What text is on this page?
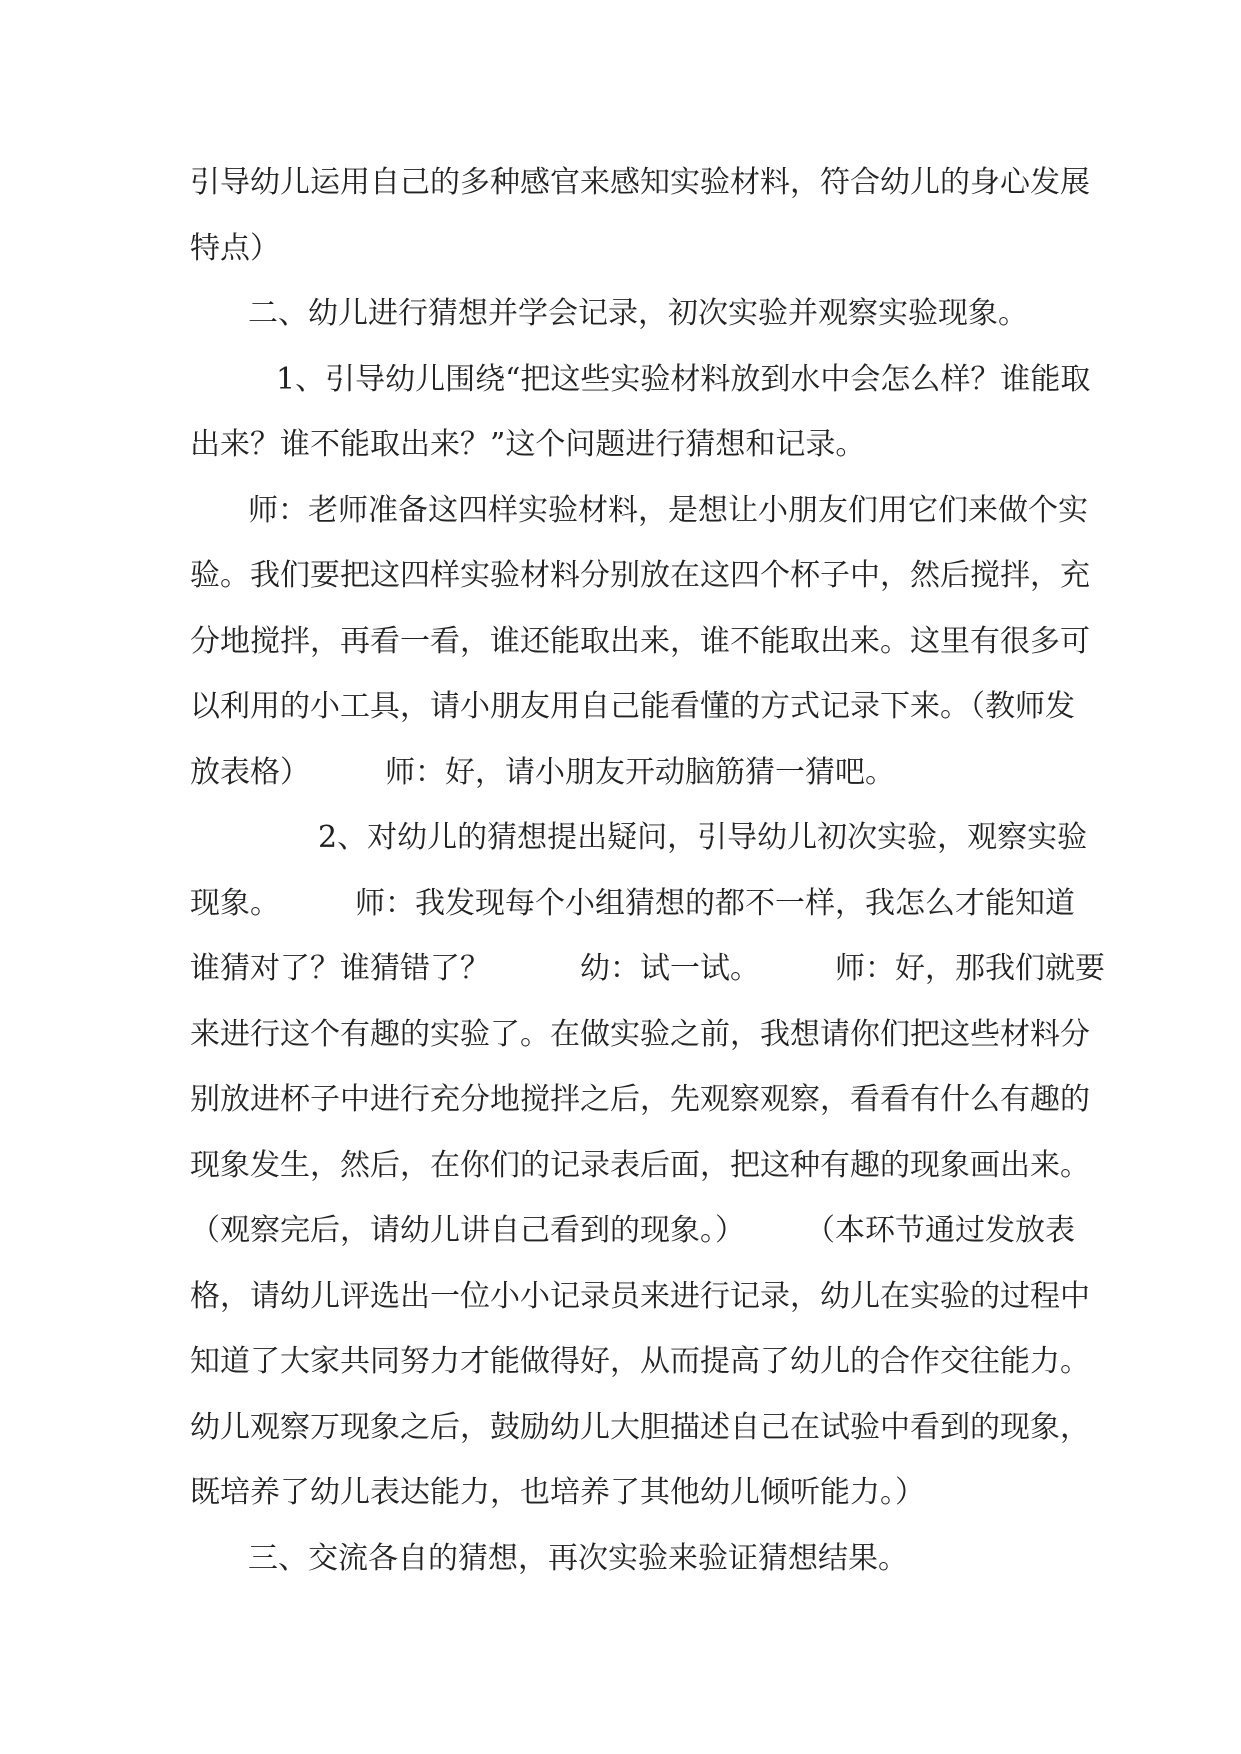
引导幼儿运用自己的多种感官来感知实验材料，符合幼儿的身心发展
特点）
二、幼儿进行猜想并学会记录，初次实验并观察实验现象。
1、引导幼儿围绕“把这些实验材料放到水中会怎么样？谁能取
出来？谁不能取出来？”这个问题进行猜想和记录。
师：老师准备这四样实验材料，是想让小朋友们用它们来做个实
验。我们要把这四样实验材料分别放在这四个杯子中，然后搅拌，充
分地搅拌，再看一看，谁还能取出来，谁不能取出来。这里有很多可
以利用的小工具，请小朋友用自己能看懂的方式记录下来。（教师发
放表格）　　　师：好，请小朋友开动脑筋猜一猜吧。
2、对幼儿的猜想提出疑问，引导幼儿初次实验，观察实验
现象。　　　师：我发现每个小组猜想的都不一样，我怎么才能知道
谁猜对了？谁猜错了？　　　幼：试一试。　　　师：好，那我们就要
来进行这个有趣的实验了。在做实验之前，我想请你们把这些材料分
别放进杯子中进行充分地搅拌之后，先观察观察，看看有什么有趣的
现象发生，然后，在你们的记录表后面，把这种有趣的现象画出来。
（观察完后，请幼儿讲自己看到的现象。）　　　（本环节通过发放表
格，请幼儿评选出一位小小记录员来进行记录，幼儿在实验的过程中
知道了大家共同努力才能做得好，从而提高了幼儿的合作交往能力。
幼儿观察万现象之后，鼓励幼儿大胆描述自己在试验中看到的现象，
既培养了幼儿表达能力，也培养了其他幼儿倾听能力。）
三、交流各自的猜想，再次实验来验证猜想结果。
